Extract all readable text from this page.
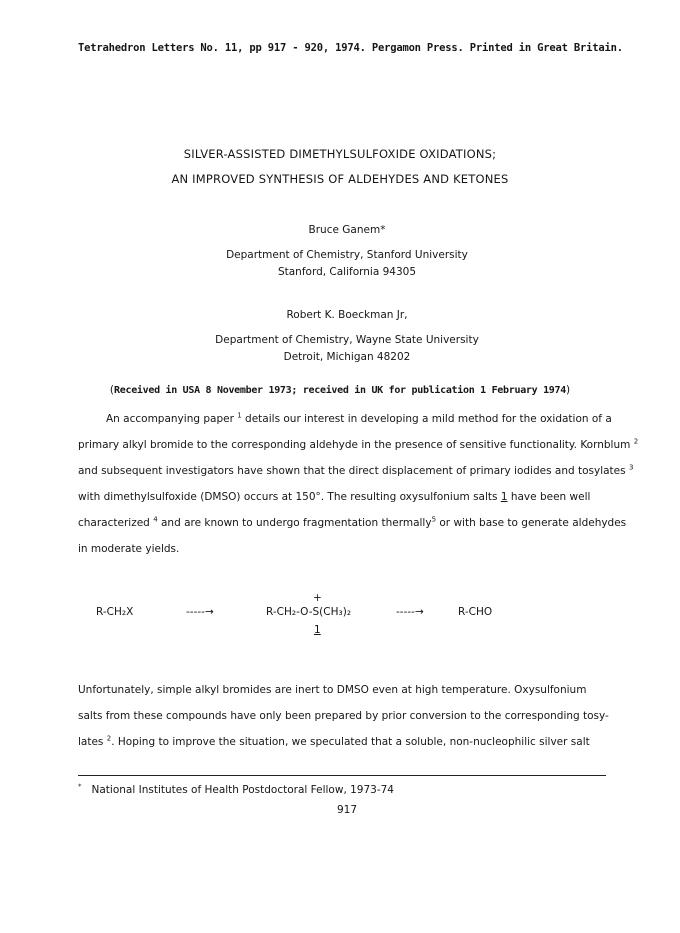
Tetrahedron Letters No. 11, pp 917 - 920, 1974. Pergamon Press. Printed in Great Britain.
SILVER-ASSISTED DIMETHYLSULFOXIDE OXIDATIONS;
AN IMPROVED SYNTHESIS OF ALDEHYDES AND KETONES
Bruce Ganem*
Department of Chemistry, Stanford University
Stanford, California 94305
Robert K. Boeckman Jr,
Department of Chemistry, Wayne State University
Detroit, Michigan 48202
(Received in USA 8 November 1973; received in UK for publication 1 February 1974)

An accompanying paper $^1$ details our interest in developing a mild method for the oxidation of a

primary alkyl bromide to the corresponding aldehyde in the presence of sensitive functionality. Kornblum $^2$

and subsequent investigators have shown that the direct displacement of primary iodides and tosylates $^3$

with dimethylsulfoxide (DMSO) occurs at 150°. The resulting oxysulfonium salts 1 have been well

characterized $^4$ and are known to undergo fragmentation thermally$^5$ or with base to generate aldehydes

in moderate yields.

R-CH₂X	-----→
+
R-CH₂-O-S(CH₃)₂
1
-----→	R-CHO

Unfortunately, simple alkyl bromides are inert to DMSO even at high temperature. Oxysulfonium

salts from these compounds have only been prepared by prior conversion to the corresponding tosy-

lates $^2$. Hoping to improve the situation, we speculated that a soluble, non-nucleophilic silver salt

* National Institutes of Health Postdoctoral Fellow, 1973-74
917
